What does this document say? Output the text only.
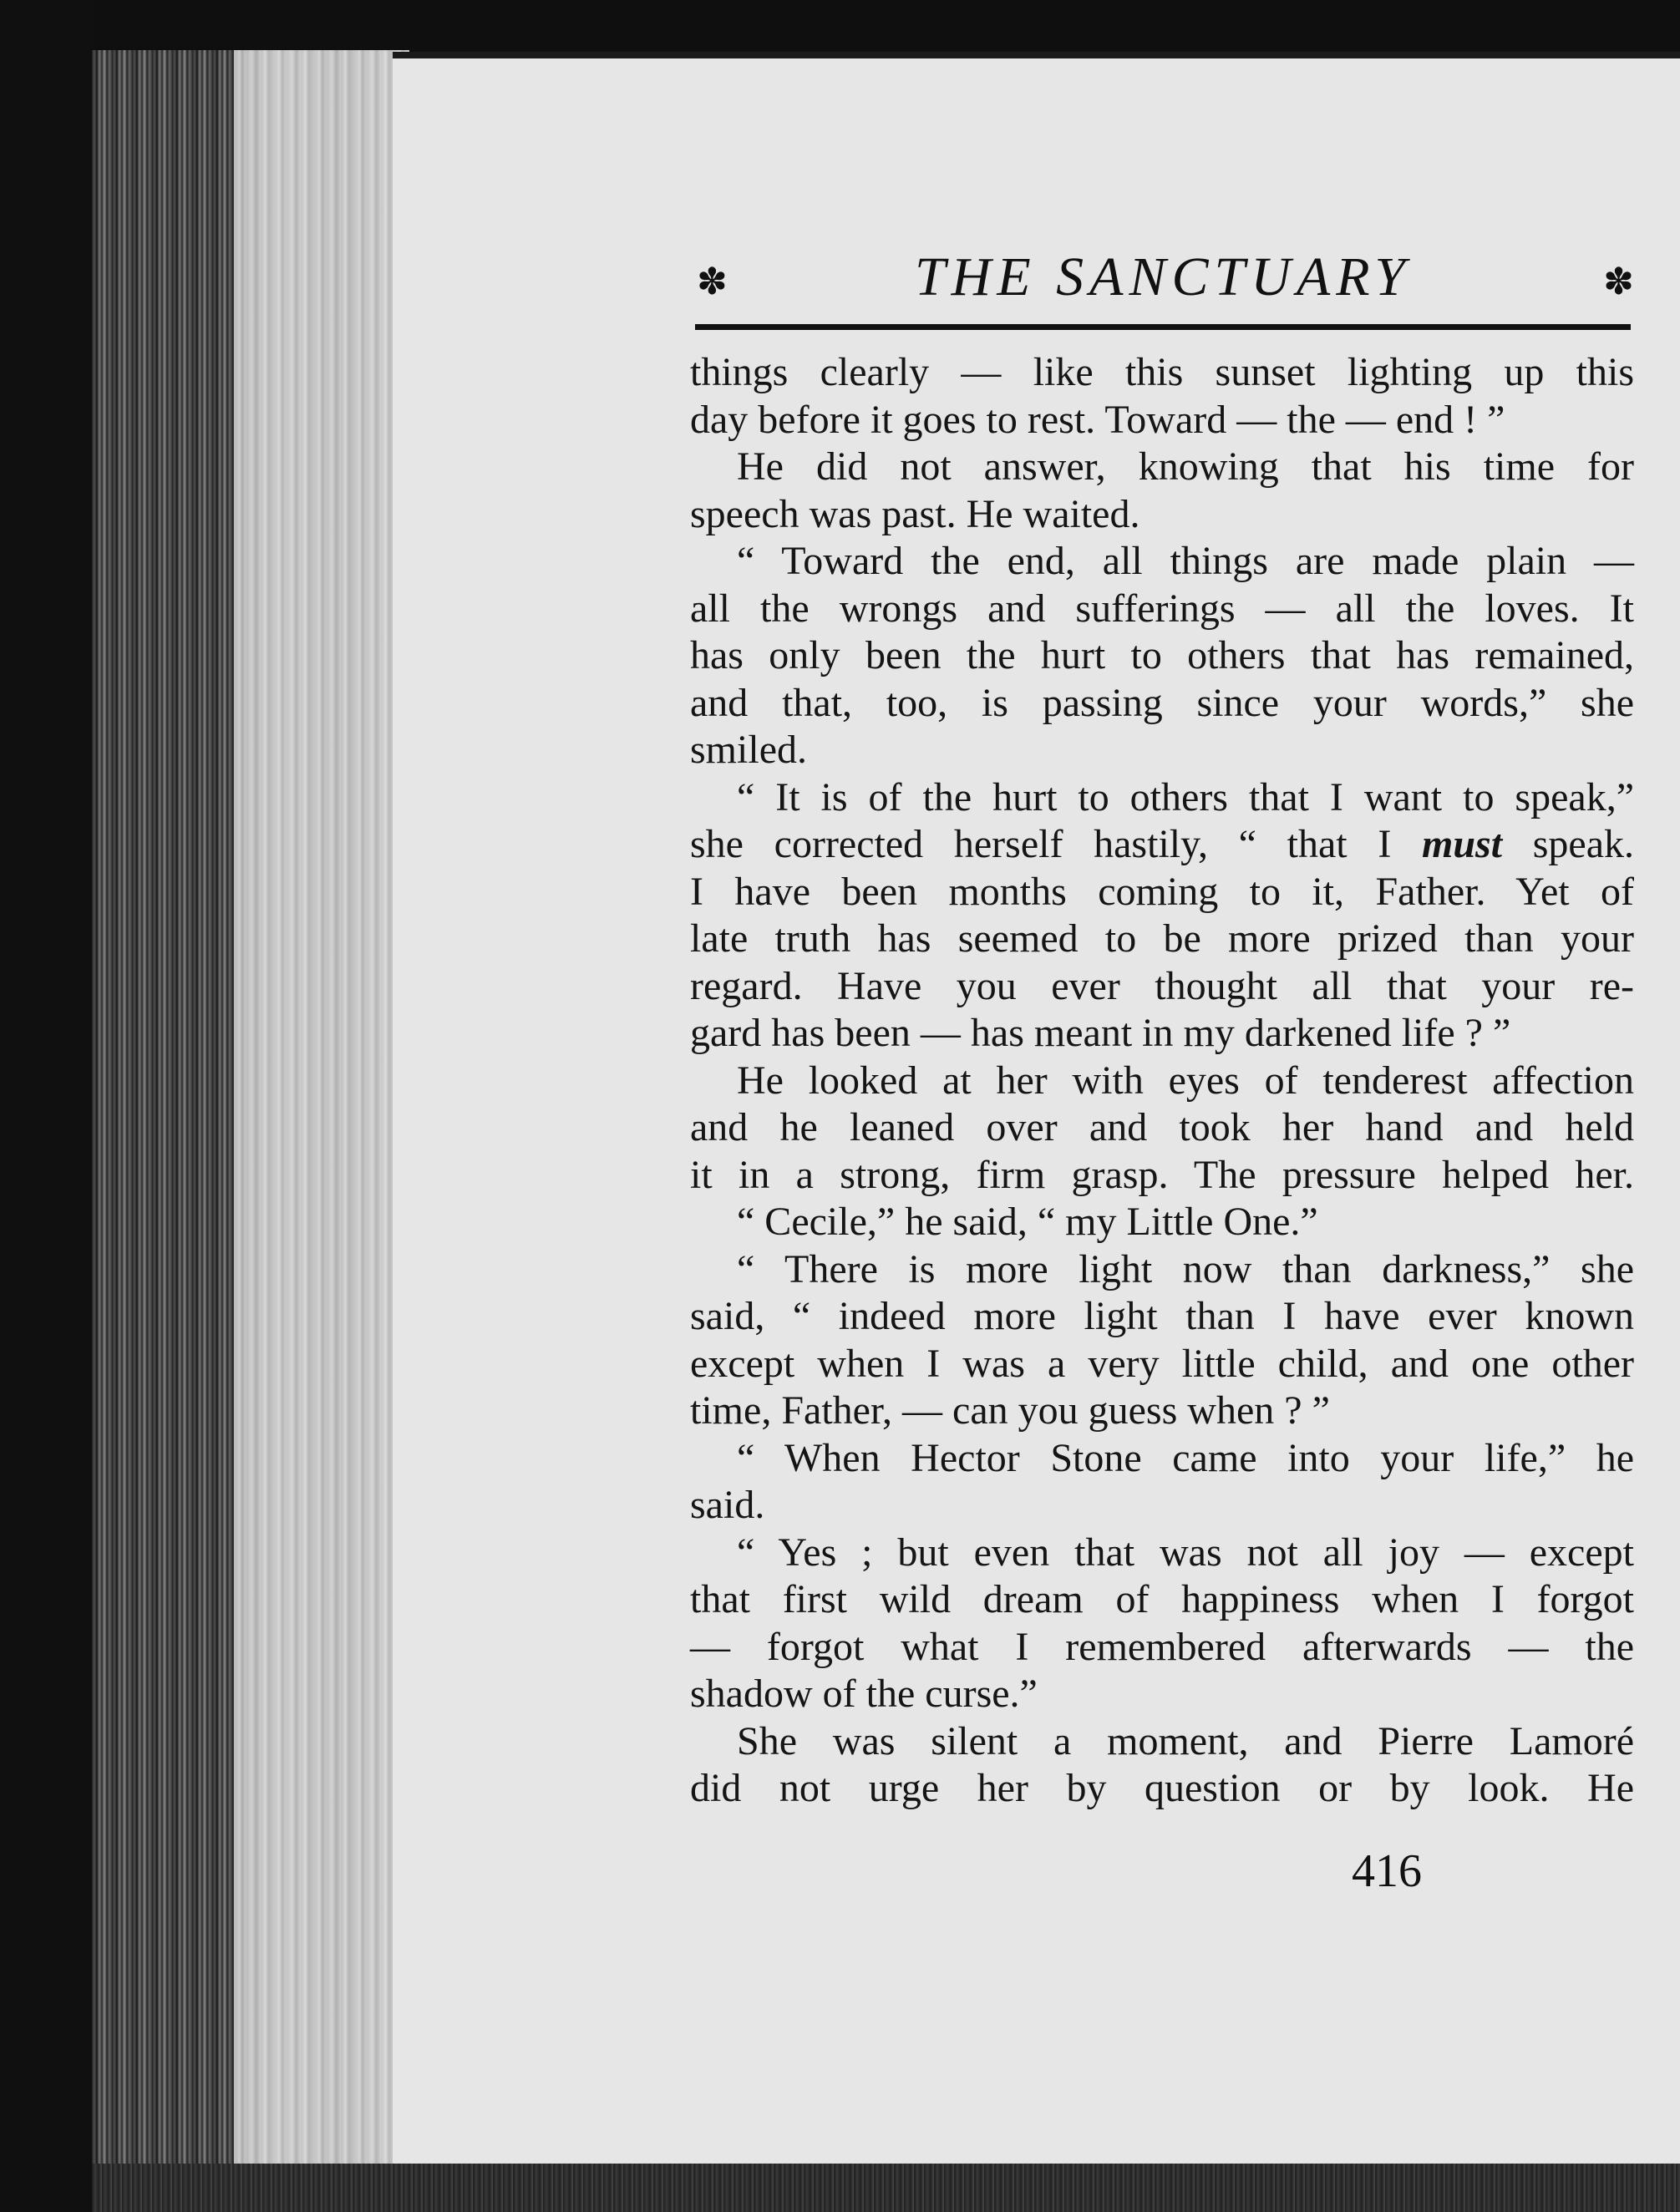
✽	THE SANCTUARY	✽
things clearly — like this sunset lighting up this
day before it goes to rest. Toward — the — end ! ”
He did not answer, knowing that his time for
speech was past. He waited.
“ Toward the end, all things are made plain —
all the wrongs and sufferings — all the loves. It
has only been the hurt to others that has remained,
and that, too, is passing since your words,” she
smiled.
“ It is of the hurt to others that I want to speak,”
she corrected herself hastily, “ that I must speak.
I have been months coming to it, Father. Yet of
late truth has seemed to be more prized than your
regard. Have you ever thought all that your re-
gard has been — has meant in my darkened life ? ”
He looked at her with eyes of tenderest affection
and he leaned over and took her hand and held
it in a strong, firm grasp. The pressure helped her.
“ Cecile,” he said, “ my Little One.”
“ There is more light now than darkness,” she
said, “ indeed more light than I have ever known
except when I was a very little child, and one other
time, Father, — can you guess when ? ”
“ When Hector Stone came into your life,” he
said.
“ Yes ; but even that was not all joy — except
that first wild dream of happiness when I forgot
— forgot what I remembered afterwards — the
shadow of the curse.”
She was silent a moment, and Pierre Lamoré
did not urge her by question or by look. He
416
